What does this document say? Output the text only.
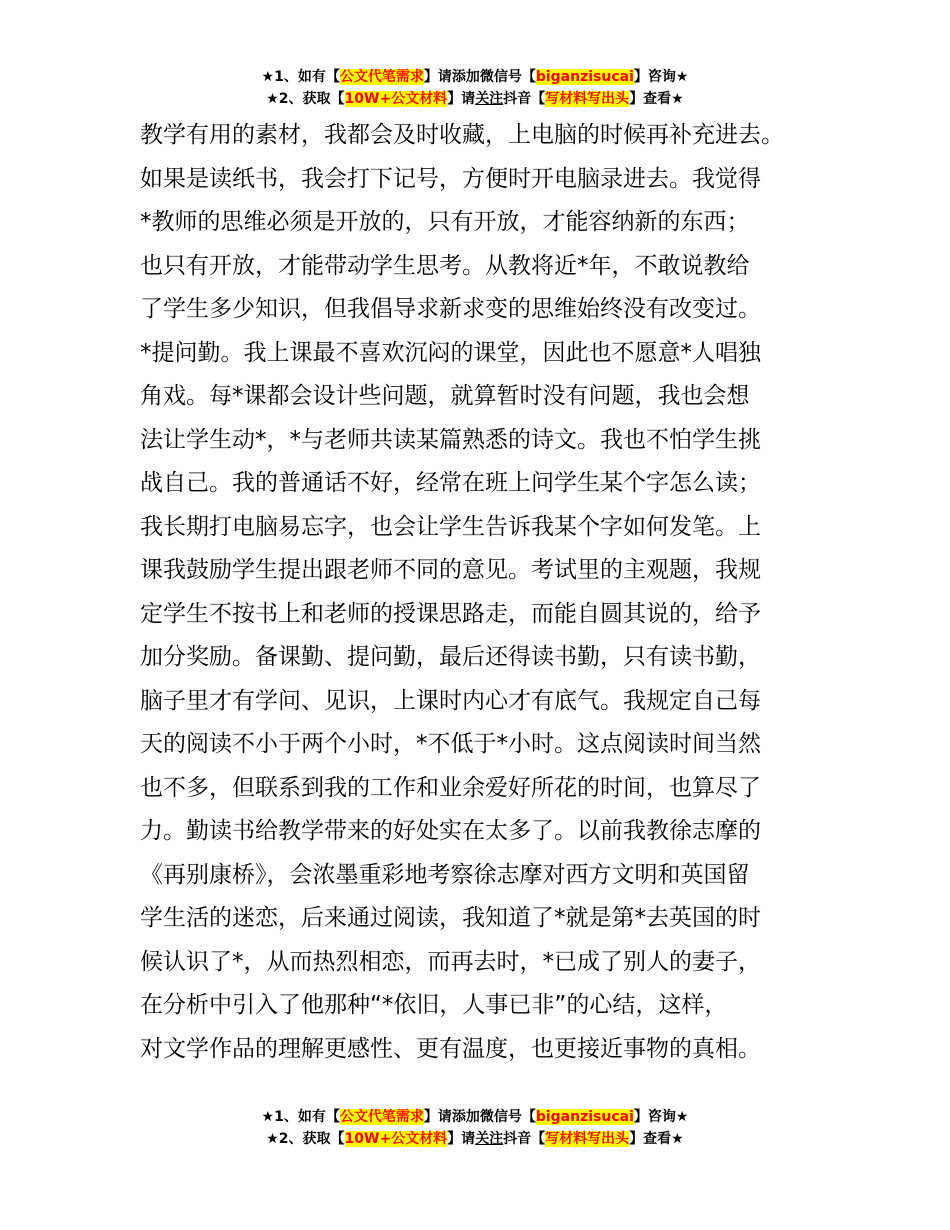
★1、如有【公文代笔需求】请添加微信号【biganzisucai】咨询★
★2、获取【10W+公文材料】请关注抖音【写材料写出头】查看★
教学有用的素材，我都会及时收藏，上电脑的时候再补充进去。
如果是读纸书，我会打下记号，方便时开电脑录进去。我觉得
*教师的思维必须是开放的，只有开放，才能容纳新的东西；
也只有开放，才能带动学生思考。从教将近*年，不敢说教给
了学生多少知识，但我倡导求新求变的思维始终没有改变过。
*提问勤。我上课最不喜欢沉闷的课堂，因此也不愿意*人唱独
角戏。每*课都会设计些问题，就算暂时没有问题，我也会想
法让学生动*，*与老师共读某篇熟悉的诗文。我也不怕学生挑
战自己。我的普通话不好，经常在班上问学生某个字怎么读；
我长期打电脑易忘字，也会让学生告诉我某个字如何发笔。上
课我鼓励学生提出跟老师不同的意见。考试里的主观题，我规
定学生不按书上和老师的授课思路走，而能自圆其说的，给予
加分奖励。备课勤、提问勤，最后还得读书勤，只有读书勤，
脑子里才有学问、见识，上课时内心才有底气。我规定自己每
天的阅读不小于两个小时，*不低于*小时。这点阅读时间当然
也不多，但联系到我的工作和业余爱好所花的时间，也算尽了
力。勤读书给教学带来的好处实在太多了。以前我教徐志摩的
《再别康桥》，会浓墨重彩地考察徐志摩对西方文明和英国留
学生活的迷恋，后来通过阅读，我知道了*就是第*去英国的时
候认识了*，从而热烈相恋，而再去时，*已成了别人的妻子，
在分析中引入了他那种“*依旧，人事已非”的心结，这样，
对文学作品的理解更感性、更有温度，也更接近事物的真相。
★1、如有【公文代笔需求】请添加微信号【biganzisucai】咨询★
★2、获取【10W+公文材料】请关注抖音【写材料写出头】查看★
